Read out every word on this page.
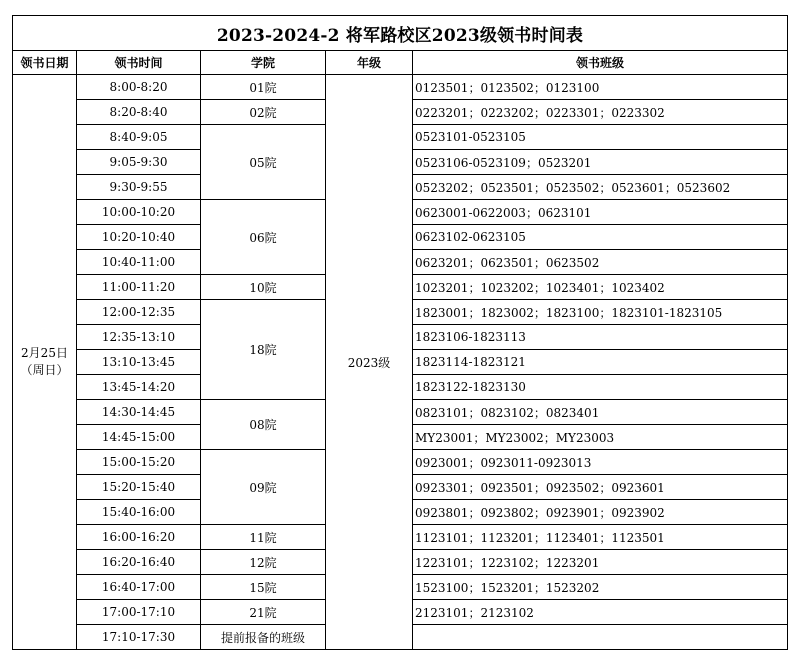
2023-2024-2 将军路校区2023级领书时间表				
领书日期	领书时间	学院	年级	领书班级

2月25日
（周日）	8:00-8:20	01院	2023级	0123501；0123502；0123100
	8:20-8:40	02院		0223201；0223202；0223301；0223302
	8:40-9:05	05院		0523101-0523105
	9:05-9:30			0523106-0523109；0523201
	9:30-9:55			0523202；0523501；0523502；0523601；0523602
	10:00-10:20	06院		0623001-0622003；0623101
	10:20-10:40			0623102-0623105
	10:40-11:00			0623201；0623501；0623502
	11:00-11:20	10院		1023201；1023202；1023401；1023402
	12:00-12:35	18院		1823001；1823002；1823100；1823101-1823105
	12:35-13:10			1823106-1823113
	13:10-13:45			1823114-1823121
	13:45-14:20			1823122-1823130
	14:30-14:45	08院		0823101；0823102；0823401
	14:45-15:00			MY23001；MY23002；MY23003
	15:00-15:20	09院		0923001；0923011-0923013
	15:20-15:40			0923301；0923501；0923502；0923601
	15:40-16:00			0923801；0923802；0923901；0923902
	16:00-16:20	11院		1123101；1123201；1123401；1123501
	16:20-16:40	12院		1223101；1223102；1223201
	16:40-17:00	15院		1523100；1523201；1523202
	17:00-17:10	21院		2123101；2123102
	17:10-17:30	提前报备的班级		
